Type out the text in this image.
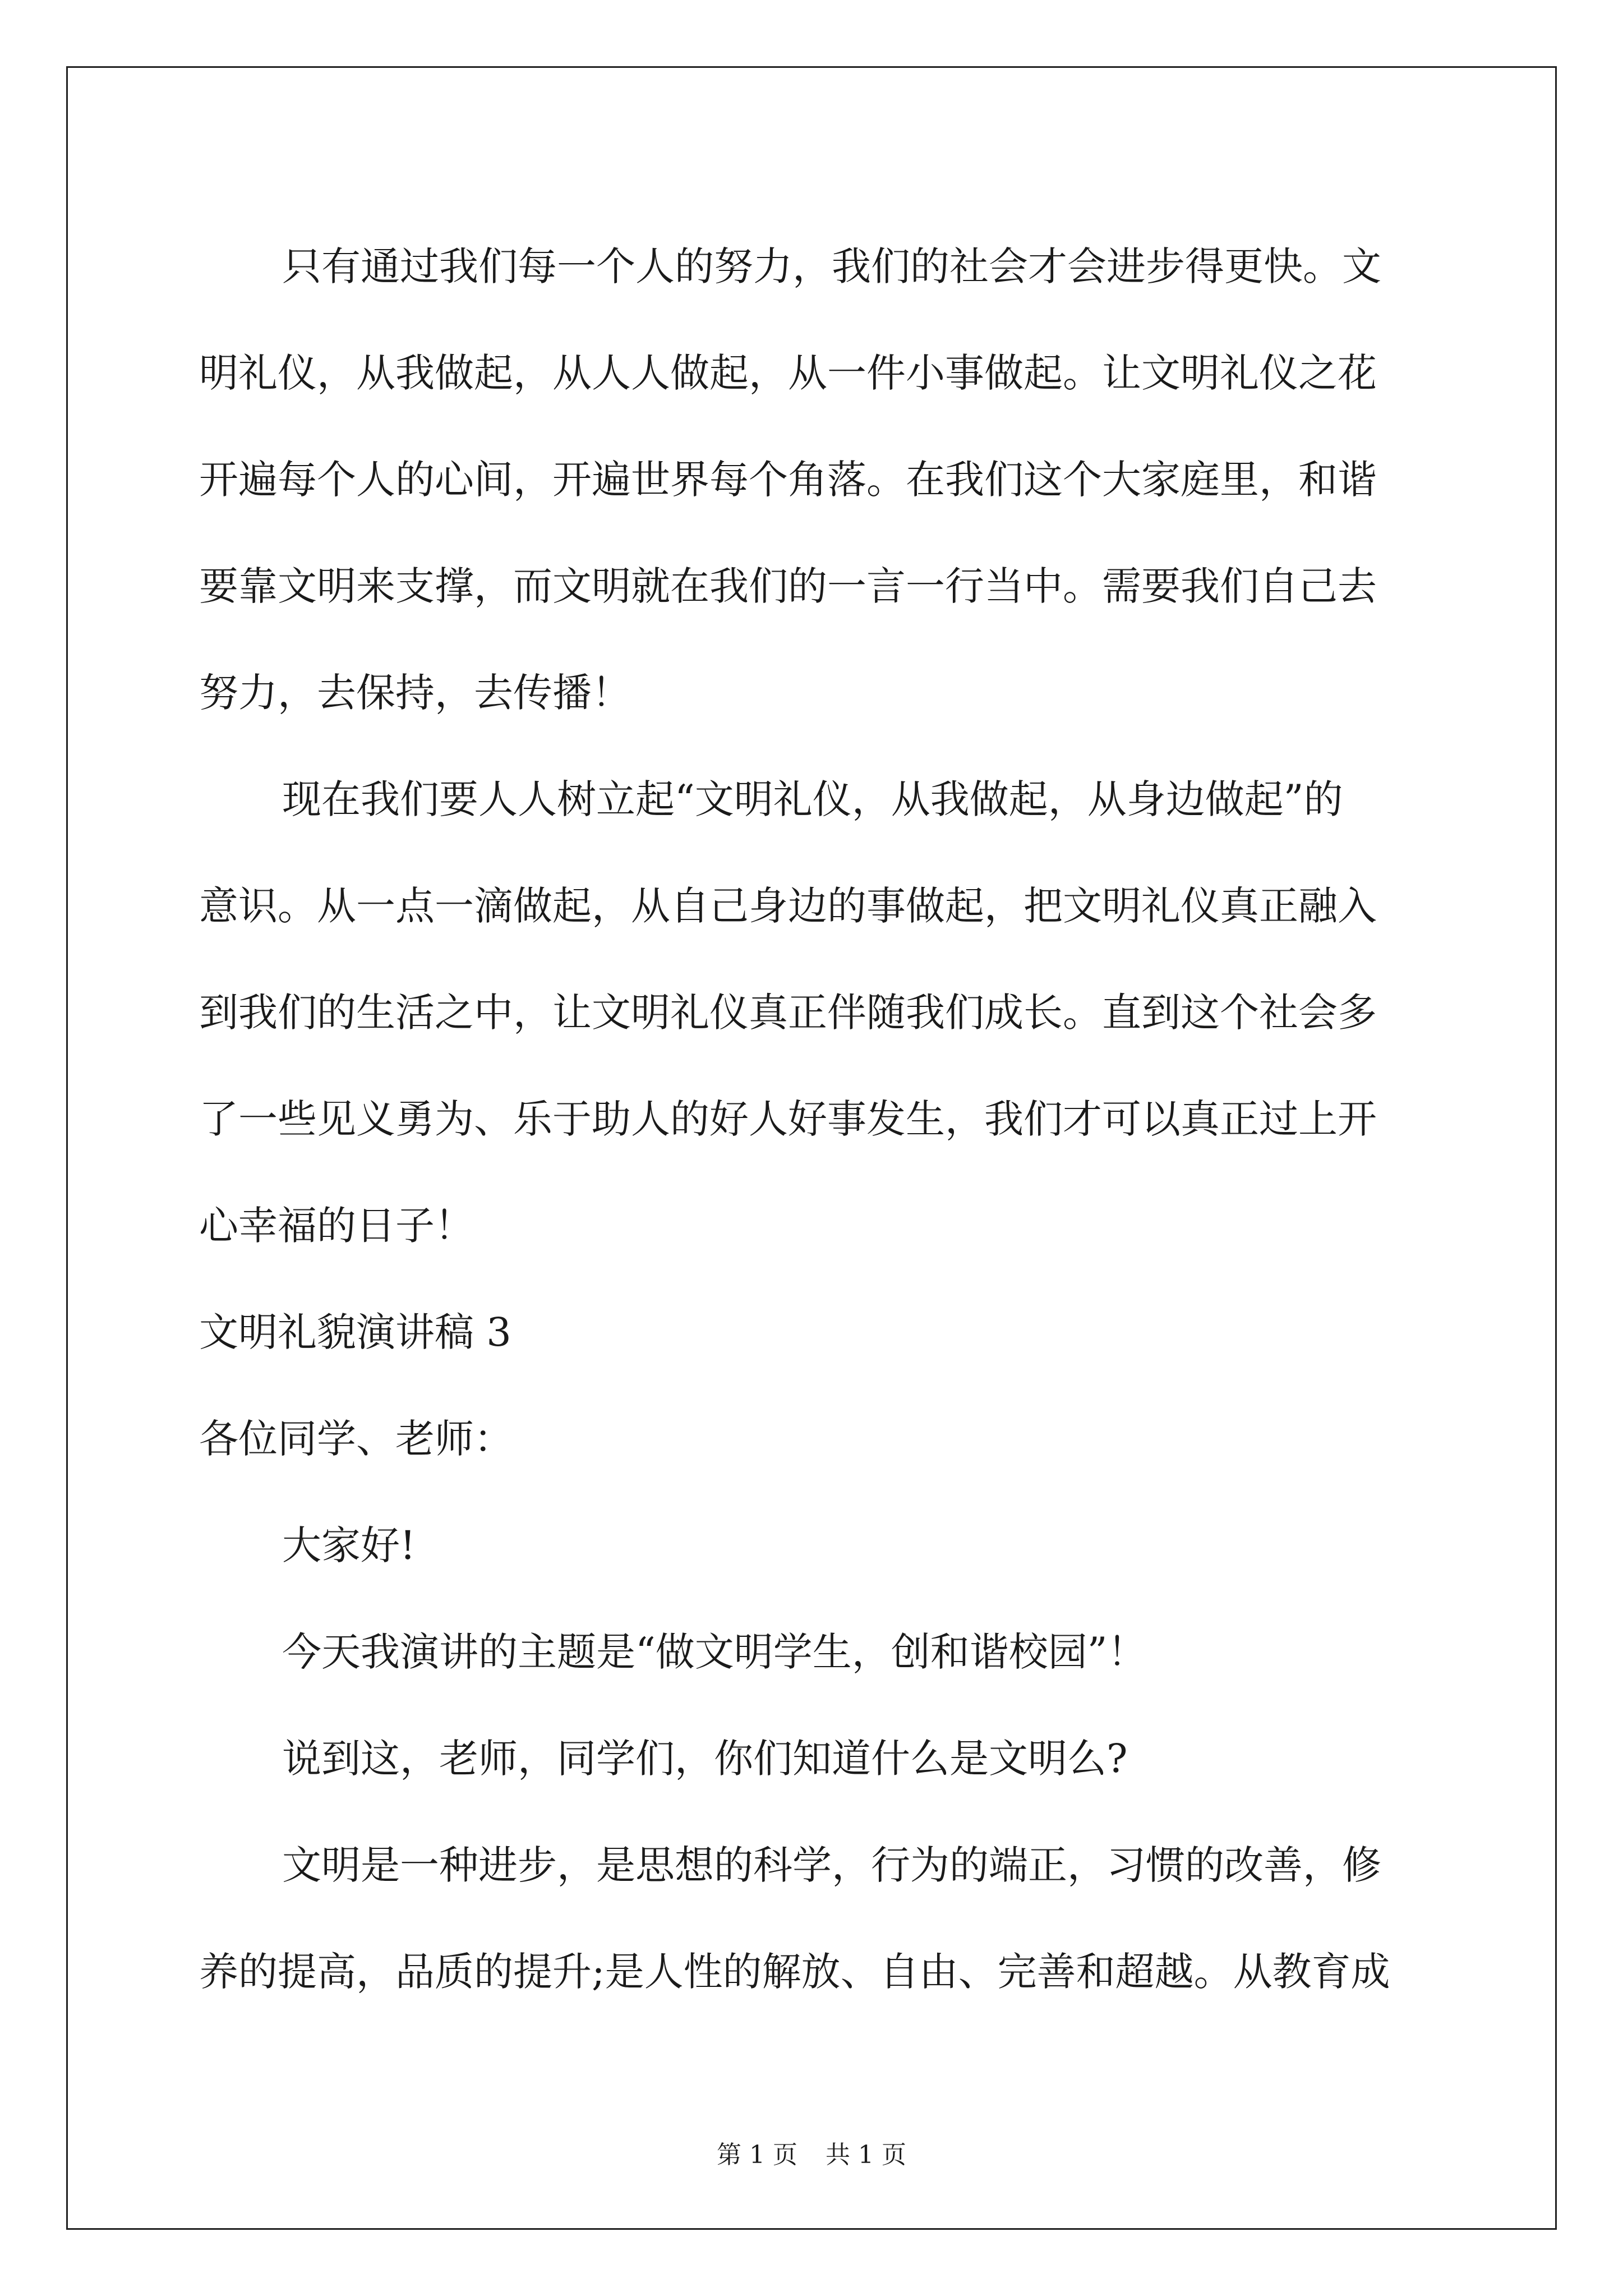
只有通过我们每一个人的努力，我们的社会才会进步得更快。文
明礼仪，从我做起，从人人做起，从一件小事做起。让文明礼仪之花
开遍每个人的心间，开遍世界每个角落。在我们这个大家庭里，和谐
要靠文明来支撑，而文明就在我们的一言一行当中。需要我们自己去
努力，去保持，去传播！
现在我们要人人树立起“文明礼仪，从我做起，从身边做起”的
意识。从一点一滴做起，从自己身边的事做起，把文明礼仪真正融入
到我们的生活之中，让文明礼仪真正伴随我们成长。直到这个社会多
了一些见义勇为、乐于助人的好人好事发生，我们才可以真正过上开
心幸福的日子！
文明礼貌演讲稿 3
各位同学、老师：
大家好!
今天我演讲的主题是“做文明学生，创和谐校园”！
说到这，老师，同学们，你们知道什么是文明么?
文明是一种进步，是思想的科学，行为的端正，习惯的改善，修
养的提高，品质的提升;是人性的解放、自由、完善和超越。从教育成
第 1 页 共 1 页
